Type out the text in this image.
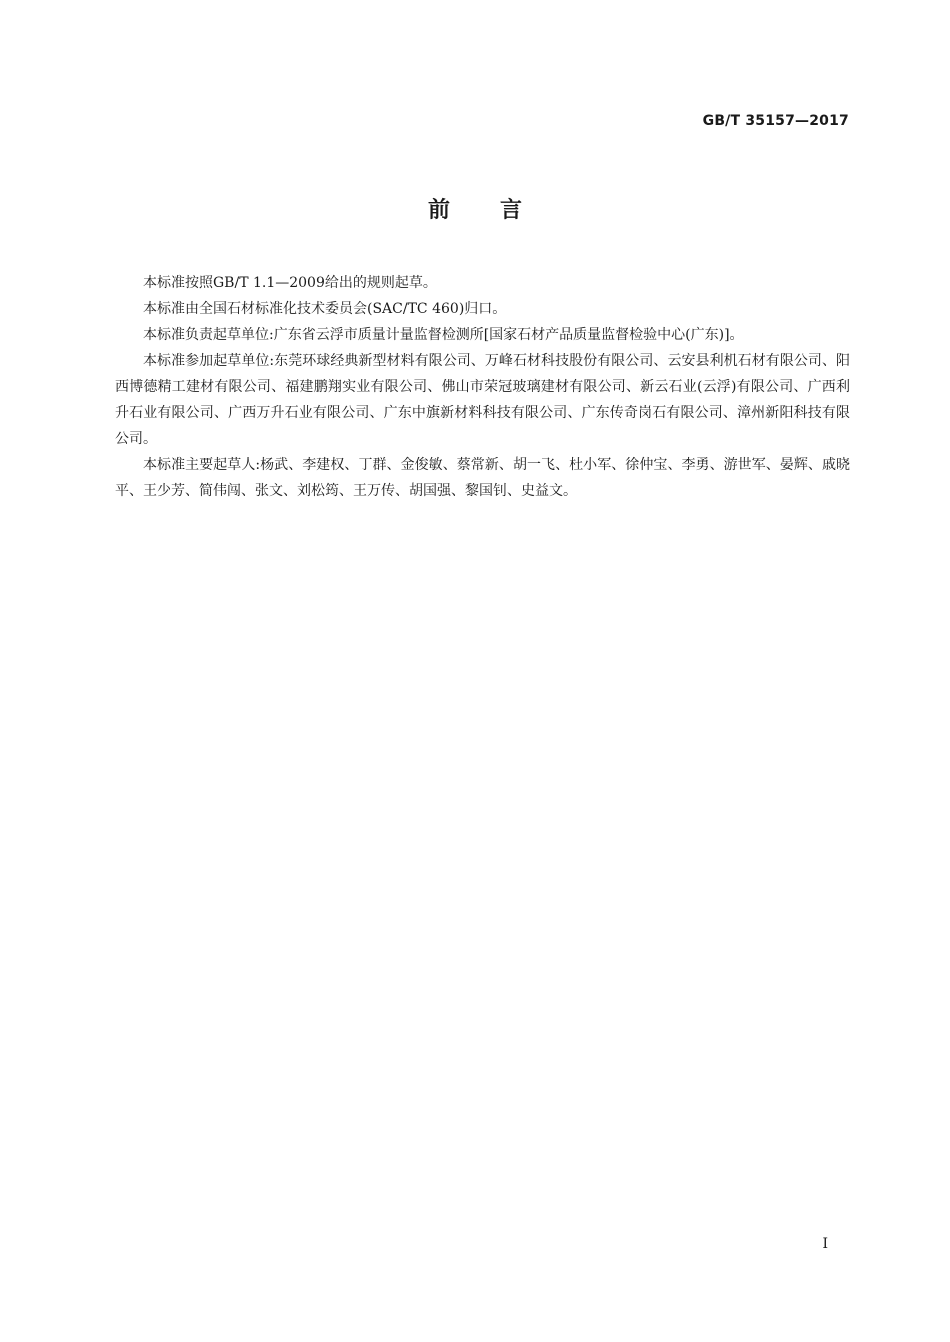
GB/T 35157—2017
前言

本标准按照GB/T 1.1—2009给出的规则起草。

本标准由全国石材标准化技术委员会(SAC/TC 460)归口。

本标准负责起草单位:广东省云浮市质量计量监督检测所[国家石材产品质量监督检验中心(广东)]。

本标准参加起草单位:东莞环球经典新型材料有限公司、万峰石材科技股份有限公司、云安县利机石材有限公司、阳西博德精工建材有限公司、福建鹏翔实业有限公司、佛山市荣冠玻璃建材有限公司、新云石业(云浮)有限公司、广西利升石业有限公司、广西万升石业有限公司、广东中旗新材料科技有限公司、广东传奇岗石有限公司、漳州新阳科技有限公司。

本标准主要起草人:杨武、李建权、丁群、金俊敏、蔡常新、胡一飞、杜小军、徐仲宝、李勇、游世军、晏辉、戚晓平、王少芳、简伟闯、张文、刘松筠、王万传、胡国强、黎国钊、史益文。

I
